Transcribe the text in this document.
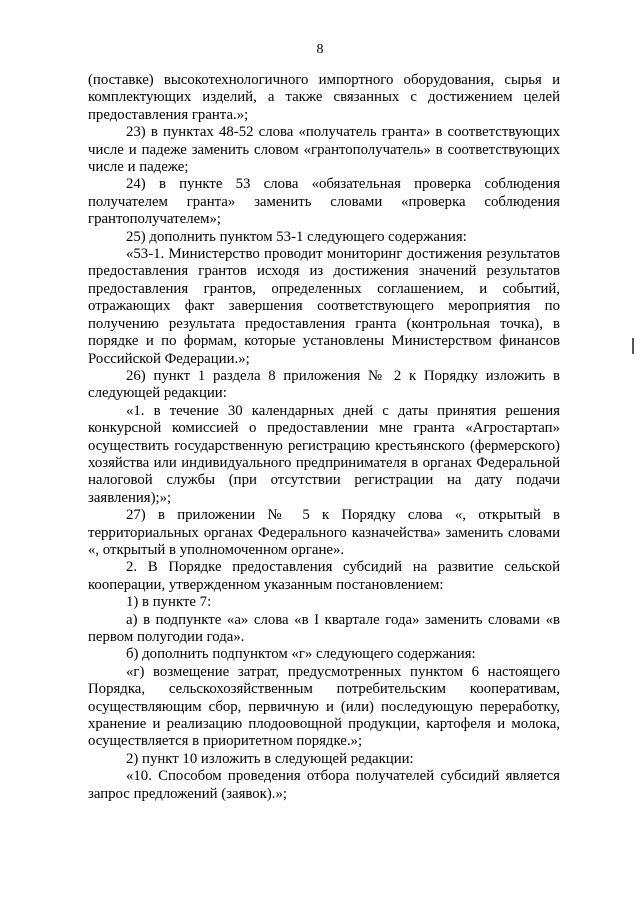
8

(поставке) высокотехнологичного импортного оборудования, сырья и комплектующих изделий, а также связанных с достижением целей предоставления гранта.»;

23) в пунктах 48-52 слова «получатель гранта» в соответствующих числе и падеже заменить словом «грантополучатель» в соответствующих числе и падеже;

24) в пункте 53 слова «обязательная проверка соблюдения получателем гранта» заменить словами «проверка соблюдения грантополучателем»;

25) дополнить пунктом 53-1 следующего содержания:

«53-1. Министерство проводит мониторинг достижения результатов предоставления грантов исходя из достижения значений результатов предоставления грантов, определенных соглашением, и событий, отражающих факт завершения соответствующего мероприятия по получению результата предоставления гранта (контрольная точка), в порядке и по формам, которые установлены Министерством финансов Российской Федерации.»;

26) пункт 1 раздела 8 приложения № 2 к Порядку изложить в следующей редакции:

«1. в течение 30 календарных дней с даты принятия решения конкурсной комиссией о предоставлении мне гранта «Агростартап» осуществить государственную регистрацию крестьянского (фермерского) хозяйства или индивидуального предпринимателя в органах Федеральной налоговой службы (при отсутствии регистрации на дату подачи заявления);»;

27) в приложении № 5 к Порядку слова «, открытый в территориальных органах Федерального казначейства» заменить словами «, открытый в уполномоченном органе».

2. В Порядке предоставления субсидий на развитие сельской кооперации, утвержденном указанным постановлением:

1) в пункте 7:

а) в подпункте «а» слова «в I квартале года» заменить словами «в первом полугодии года».

б) дополнить подпунктом «г» следующего содержания:

«г) возмещение затрат, предусмотренных пунктом 6 настоящего Порядка, сельскохозяйственным потребительским кооперативам, осуществляющим сбор, первичную и (или) последующую переработку, хранение и реализацию плодоовощной продукции, картофеля и молока, осуществляется в приоритетном порядке.»;

2) пункт 10 изложить в следующей редакции:

«10. Способом проведения отбора получателей субсидий является запрос предложений (заявок).»;
